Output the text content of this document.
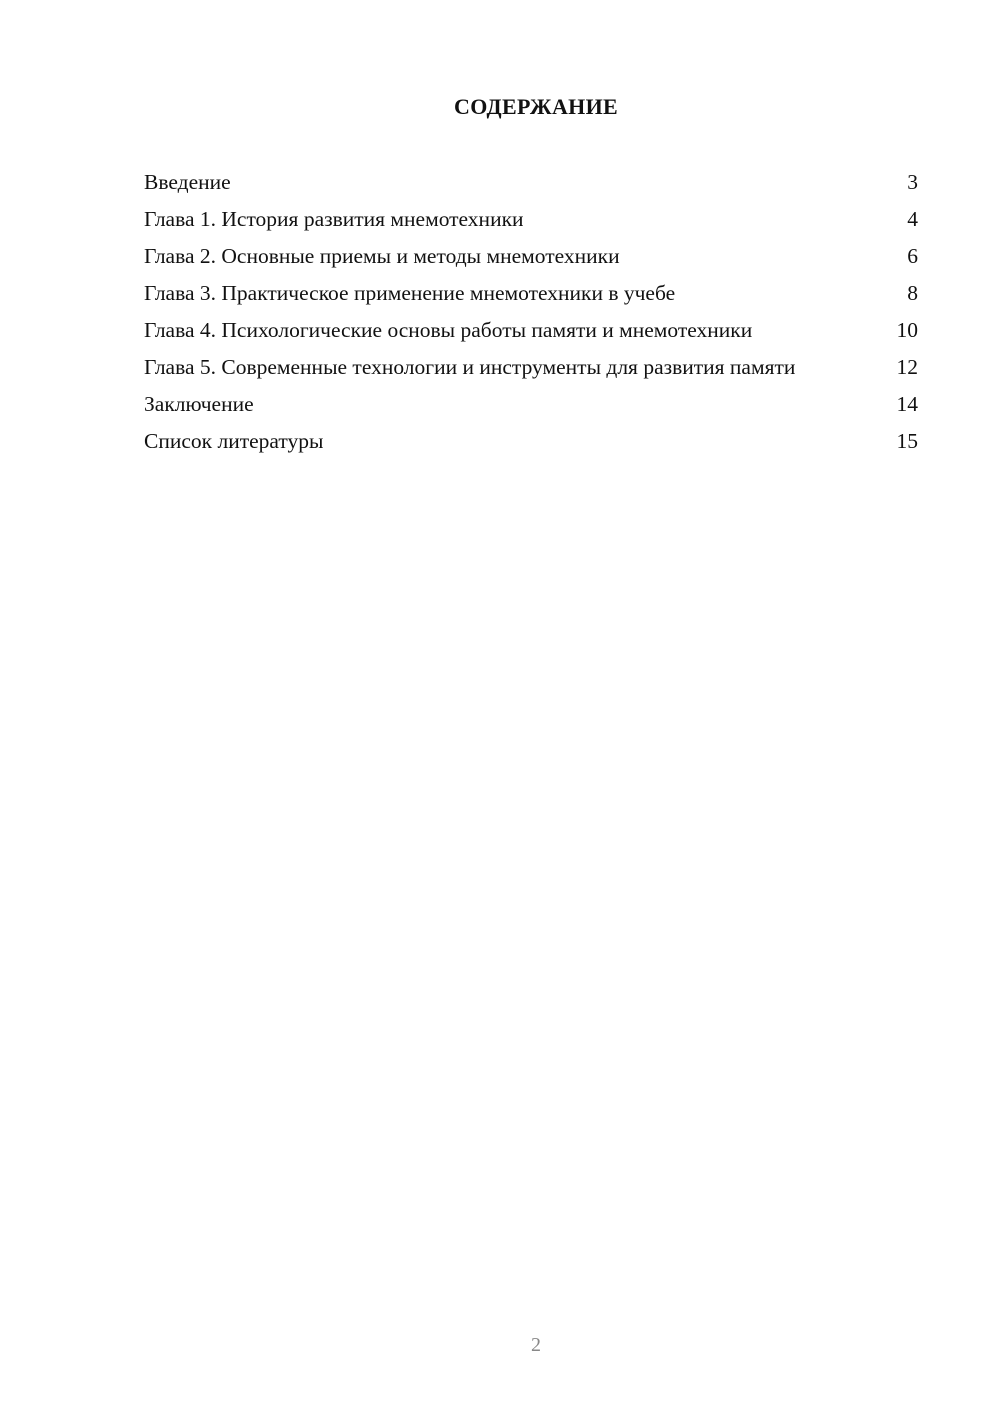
СОДЕРЖАНИЕ
Введение	3
Глава 1. История развития мнемотехники	4
Глава 2. Основные приемы и методы мнемотехники	6
Глава 3. Практическое применение мнемотехники в учебе	8
Глава 4. Психологические основы работы памяти и мнемотехники	10
Глава 5. Современные технологии и инструменты для развития памяти	12
Заключение	14
Список литературы	15
2
